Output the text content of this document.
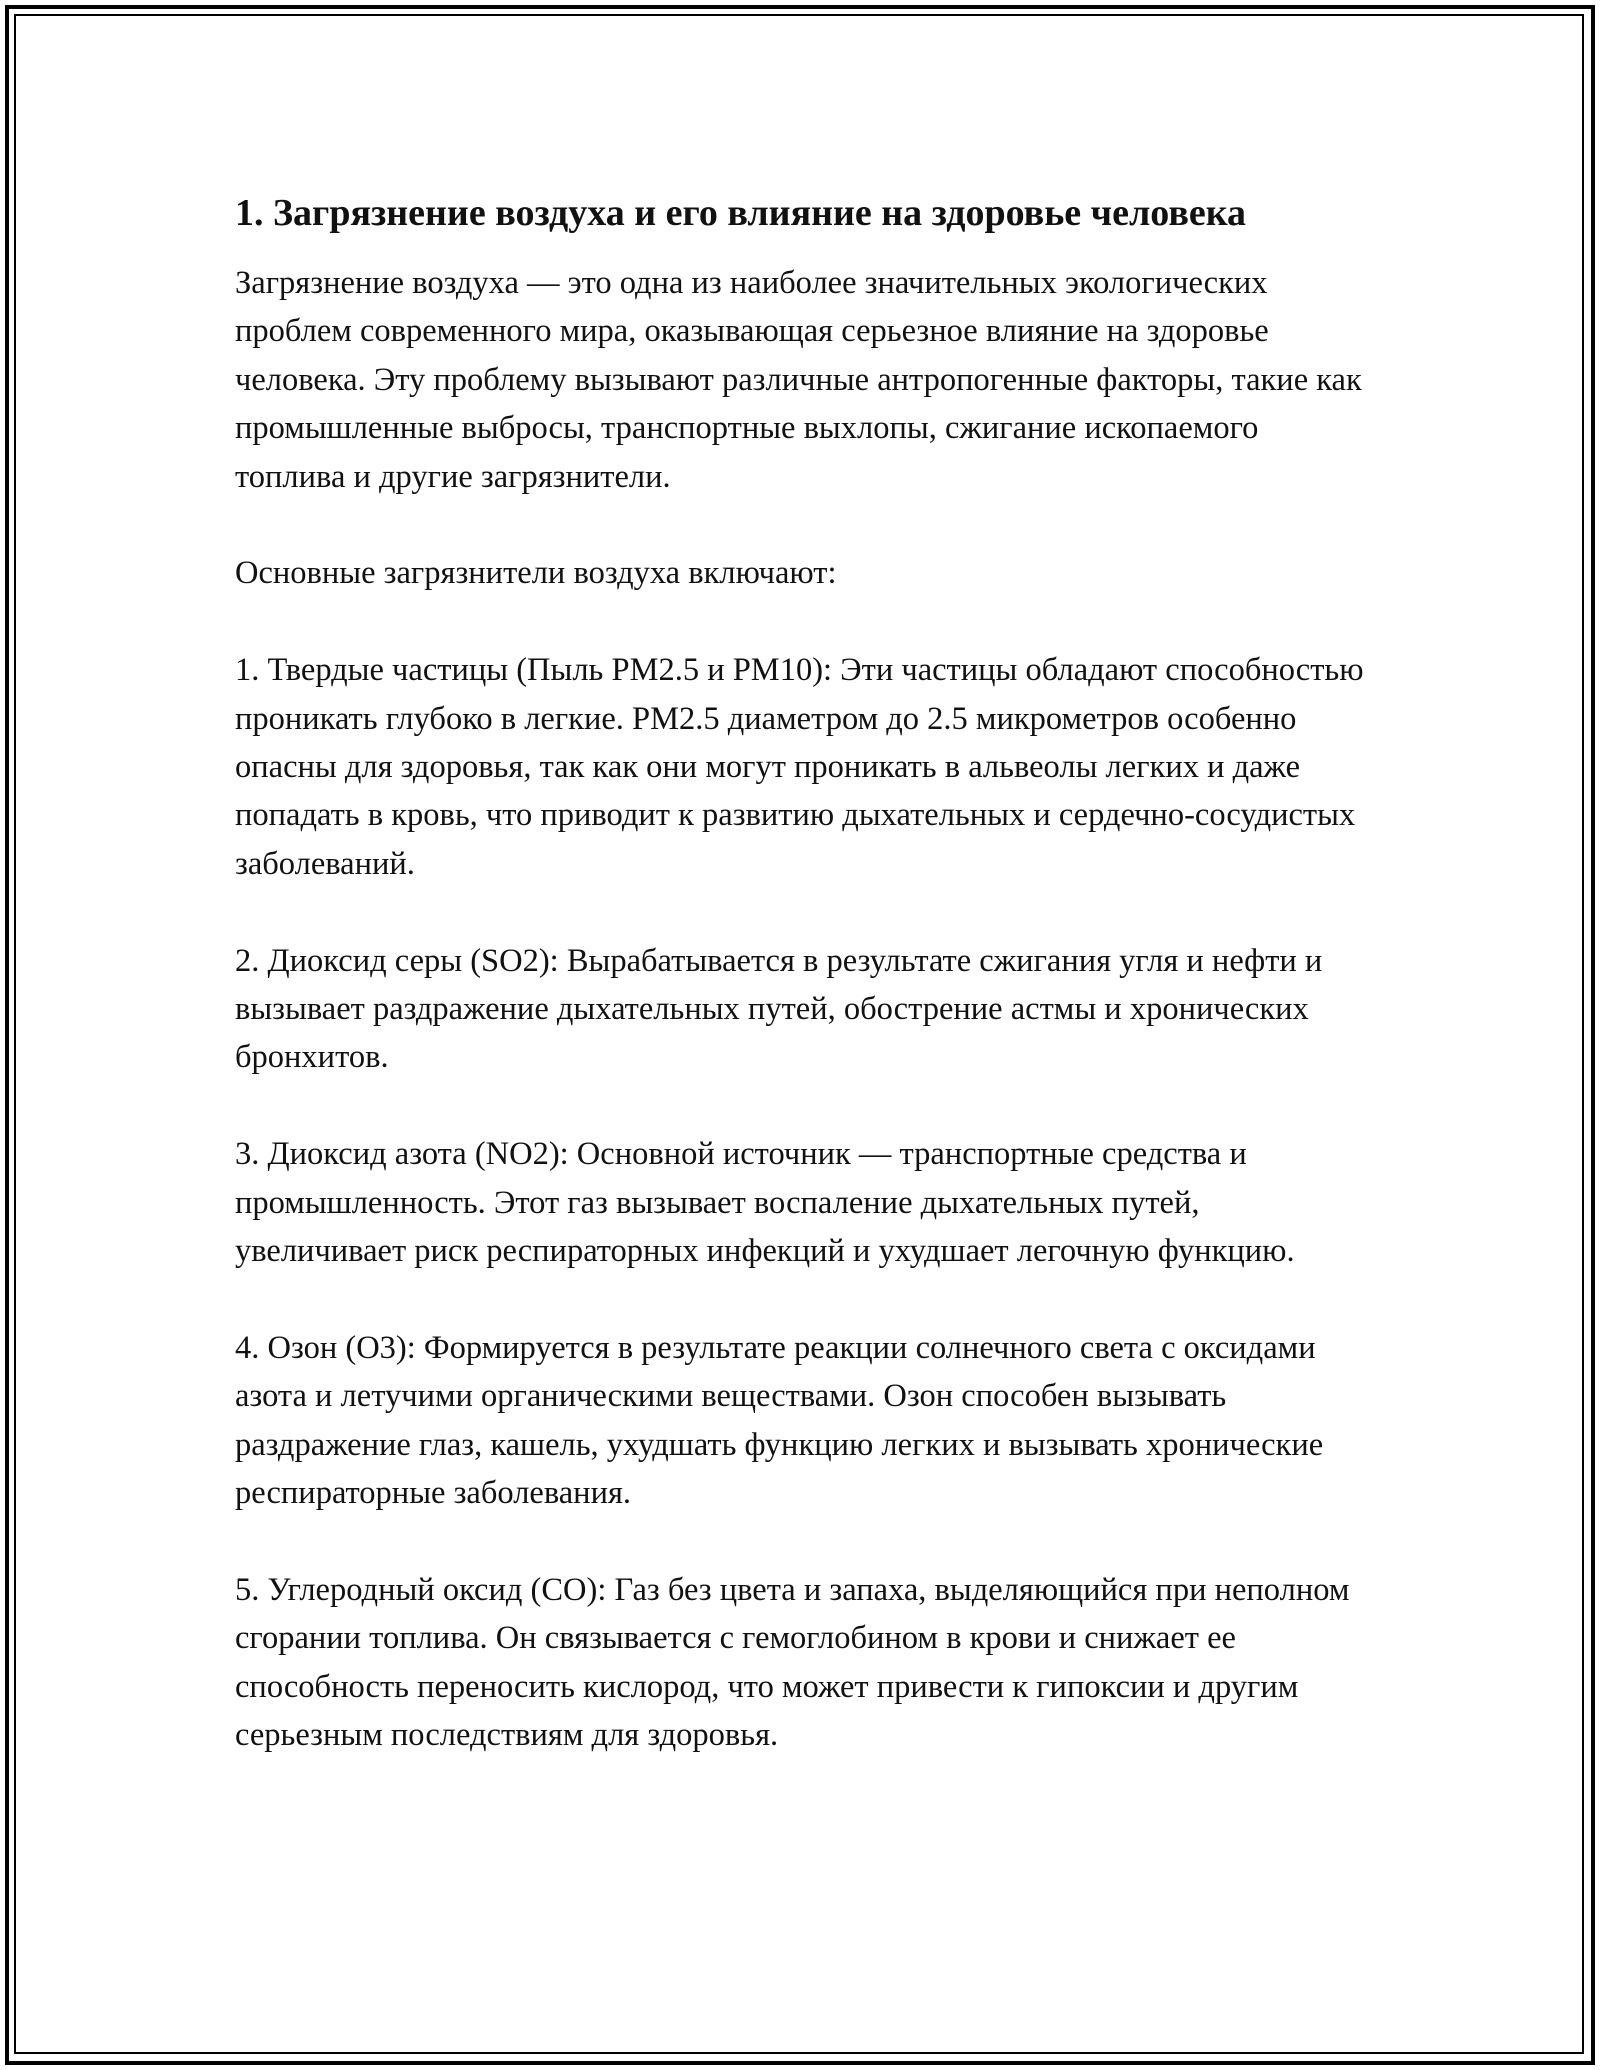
1. Загрязнение воздуха и его влияние на здоровье человека

Загрязнение воздуха — это одна из наиболее значительных экологических проблем современного мира, оказывающая серьезное влияние на здоровье человека. Эту проблему вызывают различные антропогенные факторы, такие как промышленные выбросы, транспортные выхлопы, сжигание ископаемого топлива и другие загрязнители.

Основные загрязнители воздуха включают:

1. Твердые частицы (Пыль PM2.5 и PM10): Эти частицы обладают способностью проникать глубоко в легкие. PM2.5 диаметром до 2.5 микрометров особенно опасны для здоровья, так как они могут проникать в альвеолы легких и даже попадать в кровь, что приводит к развитию дыхательных и сердечно-сосудистых заболеваний.
2. Диоксид серы (SO2): Вырабатывается в результате сжигания угля и нефти и вызывает раздражение дыхательных путей, обострение астмы и хронических бронхитов.
3. Диоксид азота (NO2): Основной источник — транспортные средства и промышленность. Этот газ вызывает воспаление дыхательных путей, увеличивает риск респираторных инфекций и ухудшает легочную функцию.
4. Озон (O3): Формируется в результате реакции солнечного света с оксидами азота и летучими органическими веществами. Озон способен вызывать раздражение глаз, кашель, ухудшать функцию легких и вызывать хронические респираторные заболевания.
5. Углеродный оксид (CO): Газ без цвета и запаха, выделяющийся при неполном сгорании топлива. Он связывается с гемоглобином в крови и снижает ее способность переносить кислород, что может привести к гипоксии и другим серьезным последствиям для здоровья.
